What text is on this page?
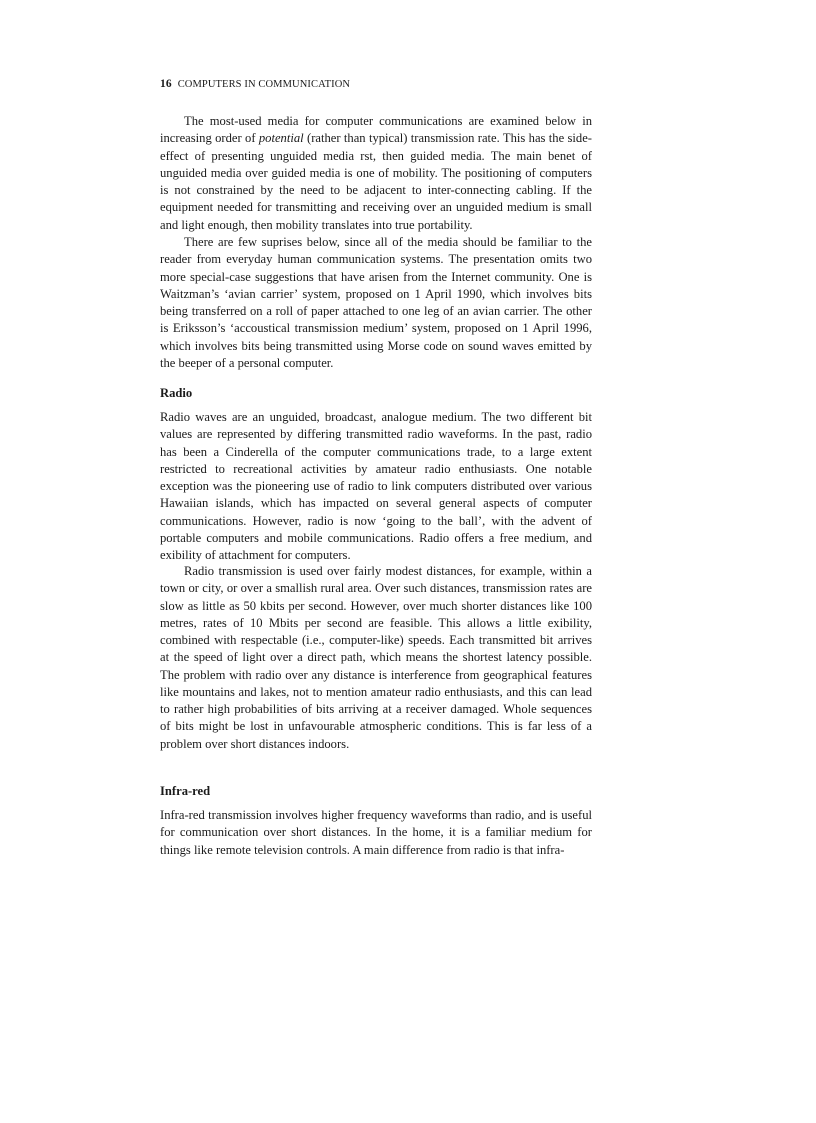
16 COMPUTERS IN COMMUNICATION

The most-used media for computer communications are examined below in increasing order of potential (rather than typical) transmission rate. This has the side-effect of presenting unguided media rst, then guided media. The main benet of unguided media over guided media is one of mobility. The positioning of computers is not constrained by the need to be adjacent to inter-connecting cabling. If the equipment needed for transmitting and receiving over an unguided medium is small and light enough, then mobility translates into true portability.

There are few suprises below, since all of the media should be familiar to the reader from everyday human communication systems. The presentation omits two more special-case suggestions that have arisen from the Internet community. One is Waitzman’s ‘avian carrier’ system, proposed on 1 April 1990, which involves bits being transferred on a roll of paper attached to one leg of an avian carrier. The other is Eriksson’s ‘accoustical transmission medium’ system, proposed on 1 April 1996, which involves bits being transmitted using Morse code on sound waves emitted by the beeper of a personal computer.

Radio

Radio waves are an unguided, broadcast, analogue medium. The two different bit values are represented by differing transmitted radio waveforms. In the past, radio has been a Cinderella of the computer communications trade, to a large extent restricted to recreational activities by amateur radio enthusiasts. One notable exception was the pioneering use of radio to link computers distributed over various Hawaiian islands, which has impacted on several general aspects of computer communications. However, radio is now ‘going to the ball’, with the advent of portable computers and mobile communications. Radio offers a free medium, and exibility of attachment for computers.

Radio transmission is used over fairly modest distances, for example, within a town or city, or over a smallish rural area. Over such distances, transmission rates are slow as little as 50 kbits per second. However, over much shorter distances like 100 metres, rates of 10 Mbits per second are feasible. This allows a little exibility, combined with respectable (i.e., computer-like) speeds. Each transmitted bit arrives at the speed of light over a direct path, which means the shortest latency possible. The problem with radio over any distance is interference from geographical features like mountains and lakes, not to mention amateur radio enthusiasts, and this can lead to rather high probabilities of bits arriving at a receiver damaged. Whole sequences of bits might be lost in unfavourable atmospheric conditions. This is far less of a problem over short distances indoors.

Infra-red

Infra-red transmission involves higher frequency waveforms than radio, and is useful for communication over short distances. In the home, it is a familiar medium for things like remote television controls. A main difference from radio is that infra-
